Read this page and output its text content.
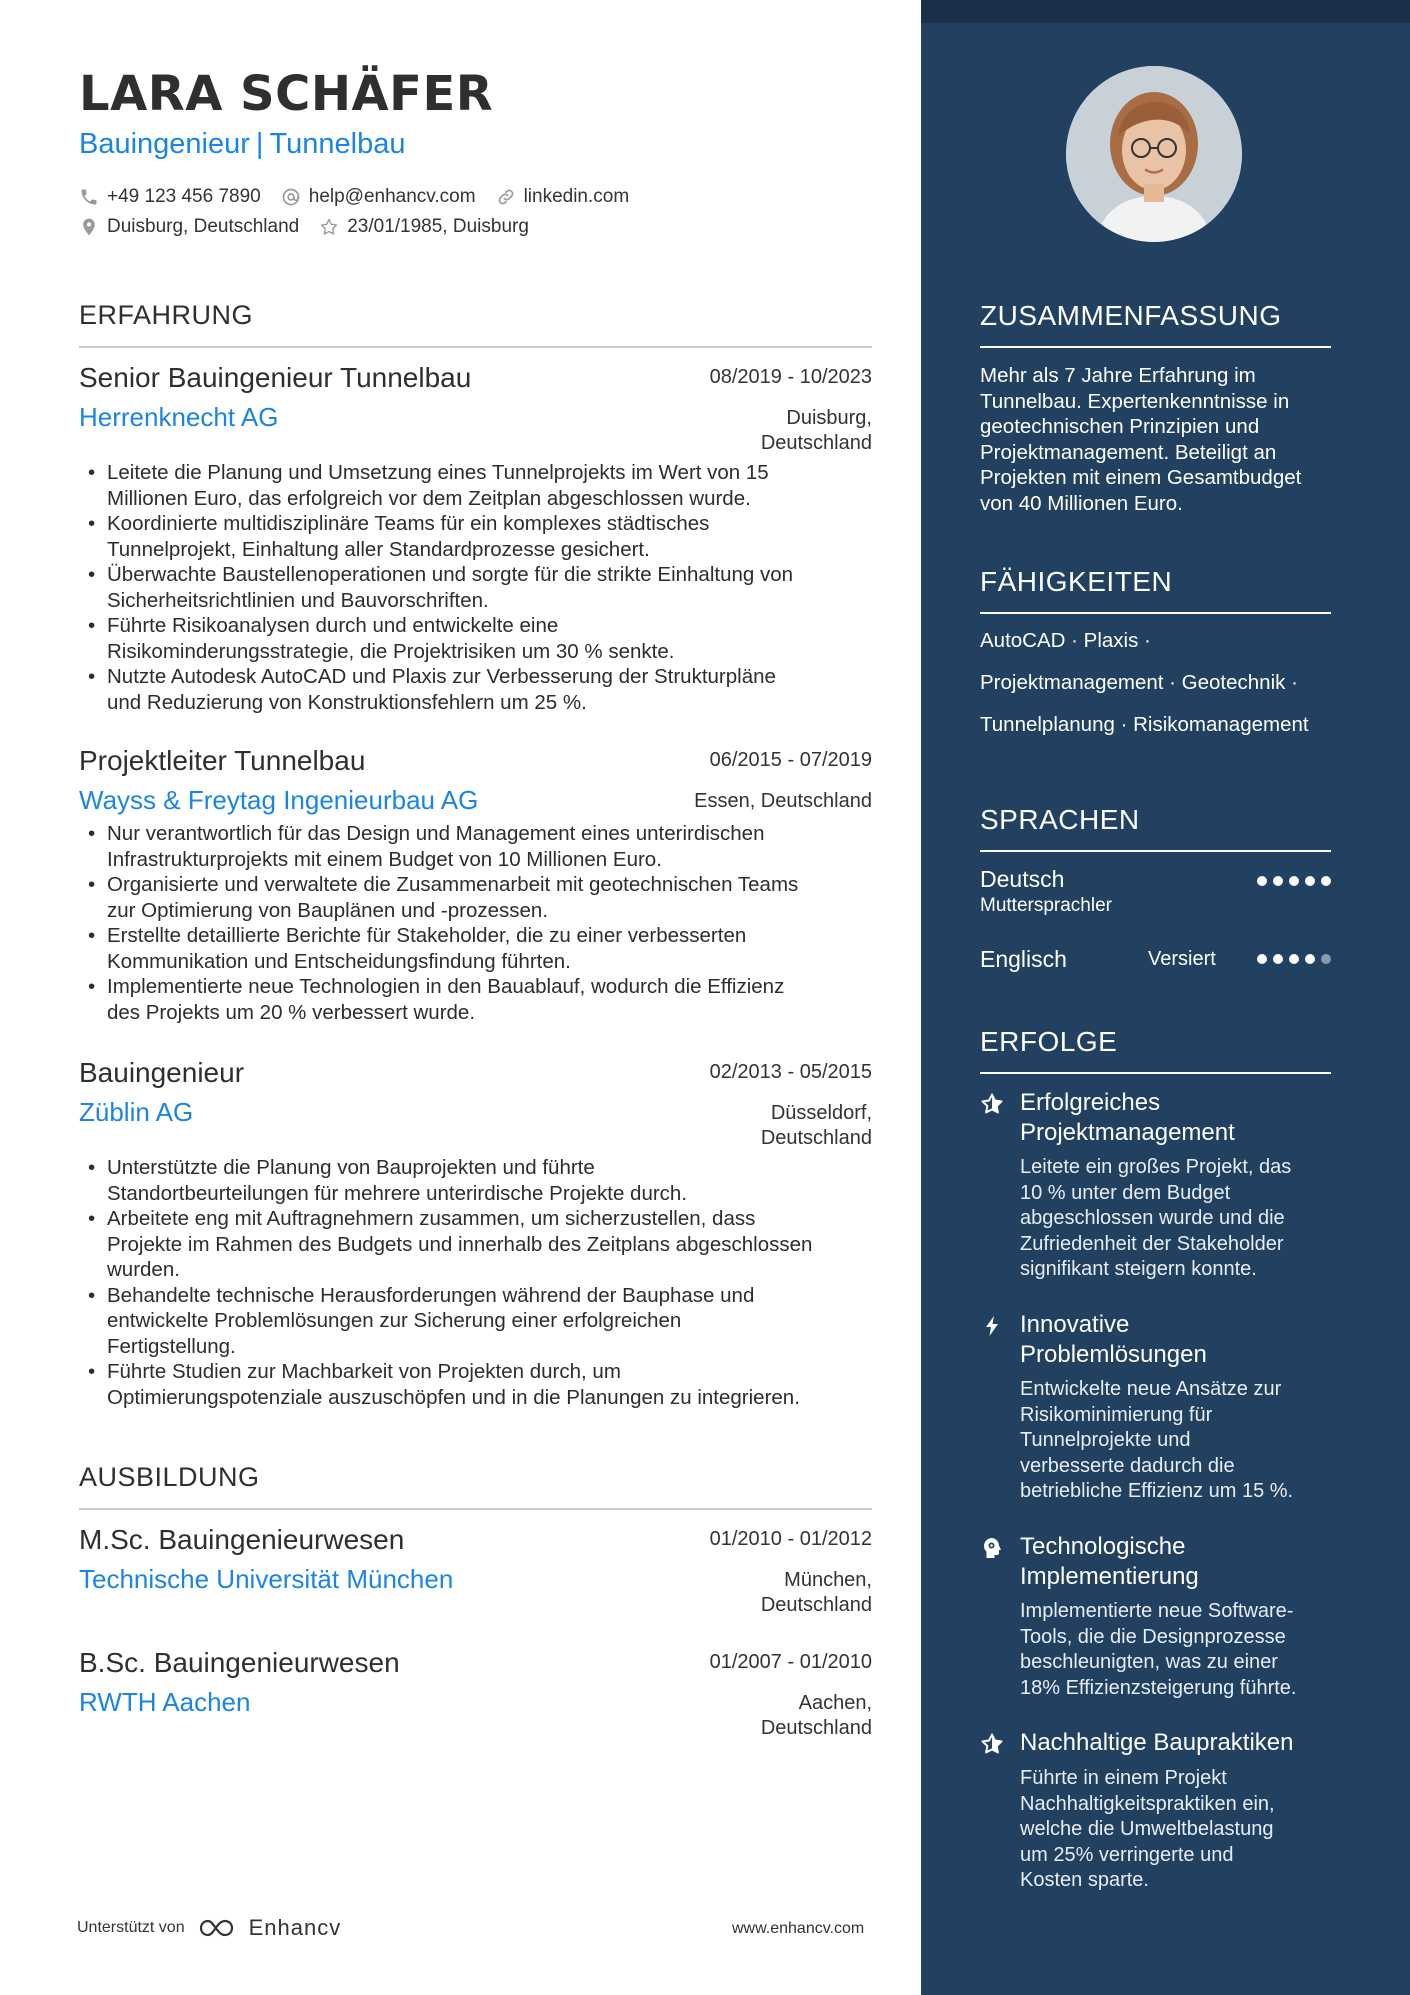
LARA SCHÄFER
Bauingenieur | Tunnelbau
+49 123 456 7890	help@enhancv.com	linkedin.com
Duisburg, Deutschland	23/01/1985, Duisburg
ERFAHRUNG
Senior Bauingenieur Tunnelbau	08/2019 - 10/2023
Herrenknecht AG	Duisburg,
Deutschland
• Leitete die Planung und Umsetzung eines Tunnelprojekts im Wert von 15
Millionen Euro, das erfolgreich vor dem Zeitplan abgeschlossen wurde.
• Koordinierte multidisziplinäre Teams für ein komplexes städtisches
Tunnelprojekt, Einhaltung aller Standardprozesse gesichert.
• Überwachte Baustellenoperationen und sorgte für die strikte Einhaltung von
Sicherheitsrichtlinien und Bauvorschriften.
• Führte Risikoanalysen durch und entwickelte eine
Risikominderungsstrategie, die Projektrisiken um 30 % senkte.
• Nutzte Autodesk AutoCAD und Plaxis zur Verbesserung der Strukturpläne
und Reduzierung von Konstruktionsfehlern um 25 %.
Projektleiter Tunnelbau	06/2015 - 07/2019
Wayss & Freytag Ingenieurbau AG	Essen, Deutschland
• Nur verantwortlich für das Design und Management eines unterirdischen
Infrastrukturprojekts mit einem Budget von 10 Millionen Euro.
• Organisierte und verwaltete die Zusammenarbeit mit geotechnischen Teams
zur Optimierung von Bauplänen und -prozessen.
• Erstellte detaillierte Berichte für Stakeholder, die zu einer verbesserten
Kommunikation und Entscheidungsfindung führten.
• Implementierte neue Technologien in den Bauablauf, wodurch die Effizienz
des Projekts um 20 % verbessert wurde.
Bauingenieur	02/2013 - 05/2015
Züblin AG	Düsseldorf,
Deutschland
• Unterstützte die Planung von Bauprojekten und führte
Standortbeurteilungen für mehrere unterirdische Projekte durch.
• Arbeitete eng mit Auftragnehmern zusammen, um sicherzustellen, dass
Projekte im Rahmen des Budgets und innerhalb des Zeitplans abgeschlossen
wurden.
• Behandelte technische Herausforderungen während der Bauphase und
entwickelte Problemlösungen zur Sicherung einer erfolgreichen
Fertigstellung.
• Führte Studien zur Machbarkeit von Projekten durch, um
Optimierungspotenziale auszuschöpfen und in die Planungen zu integrieren.
AUSBILDUNG
M.Sc. Bauingenieurwesen	01/2010 - 01/2012
Technische Universität München	München,
Deutschland
B.Sc. Bauingenieurwesen	01/2007 - 01/2010
RWTH Aachen	Aachen,
Deutschland
Unterstützt von	Enhancv	www.enhancv.com
ZUSAMMENFASSUNG
Mehr als 7 Jahre Erfahrung im
Tunnelbau. Expertenkenntnisse in
geotechnischen Prinzipien und
Projektmanagement. Beteiligt an
Projekten mit einem Gesamtbudget
von 40 Millionen Euro.
FÄHIGKEITEN
AutoCAD · Plaxis ·
Projektmanagement · Geotechnik ·
Tunnelplanung · Risikomanagement
SPRACHEN
Deutsch
Muttersprachler
Englisch	Versiert
ERFOLGE
Erfolgreiches
Projektmanagement
Leitete ein großes Projekt, das
10 % unter dem Budget
abgeschlossen wurde und die
Zufriedenheit der Stakeholder
signifikant steigern konnte.
Innovative
Problemlösungen
Entwickelte neue Ansätze zur
Risikominimierung für
Tunnelprojekte und
verbesserte dadurch die
betriebliche Effizienz um 15 %.
Technologische
Implementierung
Implementierte neue Software-
Tools, die die Designprozesse
beschleunigten, was zu einer
18% Effizienzsteigerung führte.
Nachhaltige Baupraktiken
Führte in einem Projekt
Nachhaltigkeitspraktiken ein,
welche die Umweltbelastung
um 25% verringerte und
Kosten sparte.
